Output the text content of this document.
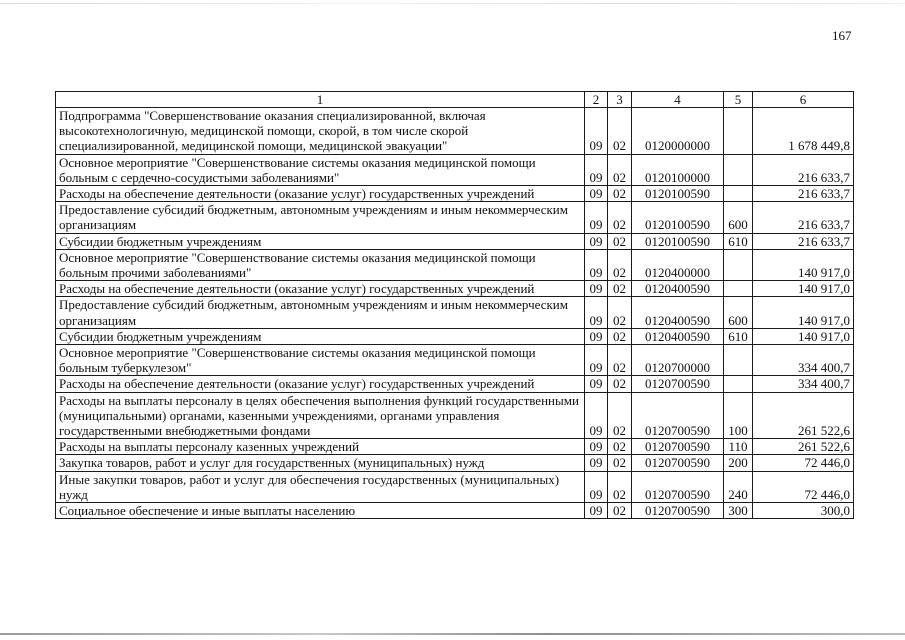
167
1	2	3	4	5	6
Подпрограмма "Совершенствование оказания специализированной, включая высокотехнологичную, медицинской помощи, скорой, в том числе скорой специализированной, медицинской помощи, медицинской эвакуации"	09	02	0120000000		1 678 449,8
Основное мероприятие "Совершенствование системы оказания медицинской помощи больным с сердечно-сосудистыми заболеваниями"	09	02	0120100000		216 633,7
Расходы на обеспечение деятельности (оказание услуг) государственных учреждений	09	02	0120100590		216 633,7
Предоставление субсидий бюджетным, автономным учреждениям и иным некоммерческим организациям	09	02	0120100590	600	216 633,7
Субсидии бюджетным учреждениям	09	02	0120100590	610	216 633,7
Основное мероприятие "Совершенствование системы оказания медицинской помощи больным прочими заболеваниями"	09	02	0120400000		140 917,0
Расходы на обеспечение деятельности (оказание услуг) государственных учреждений	09	02	0120400590		140 917,0
Предоставление субсидий бюджетным, автономным учреждениям и иным некоммерческим организациям	09	02	0120400590	600	140 917,0
Субсидии бюджетным учреждениям	09	02	0120400590	610	140 917,0
Основное мероприятие "Совершенствование системы оказания медицинской помощи больным туберкулезом"	09	02	0120700000		334 400,7
Расходы на обеспечение деятельности (оказание услуг) государственных учреждений	09	02	0120700590		334 400,7
Расходы на выплаты персоналу в целях обеспечения выполнения функций государственными (муниципальными) органами, казенными учреждениями, органами управления государственными внебюджетными фондами	09	02	0120700590	100	261 522,6
Расходы на выплаты персоналу казенных учреждений	09	02	0120700590	110	261 522,6
Закупка товаров, работ и услуг для государственных (муниципальных) нужд	09	02	0120700590	200	72 446,0
Иные закупки товаров, работ и услуг для обеспечения государственных (муниципальных) нужд	09	02	0120700590	240	72 446,0
Социальное обеспечение и иные выплаты населению	09	02	0120700590	300	300,0
